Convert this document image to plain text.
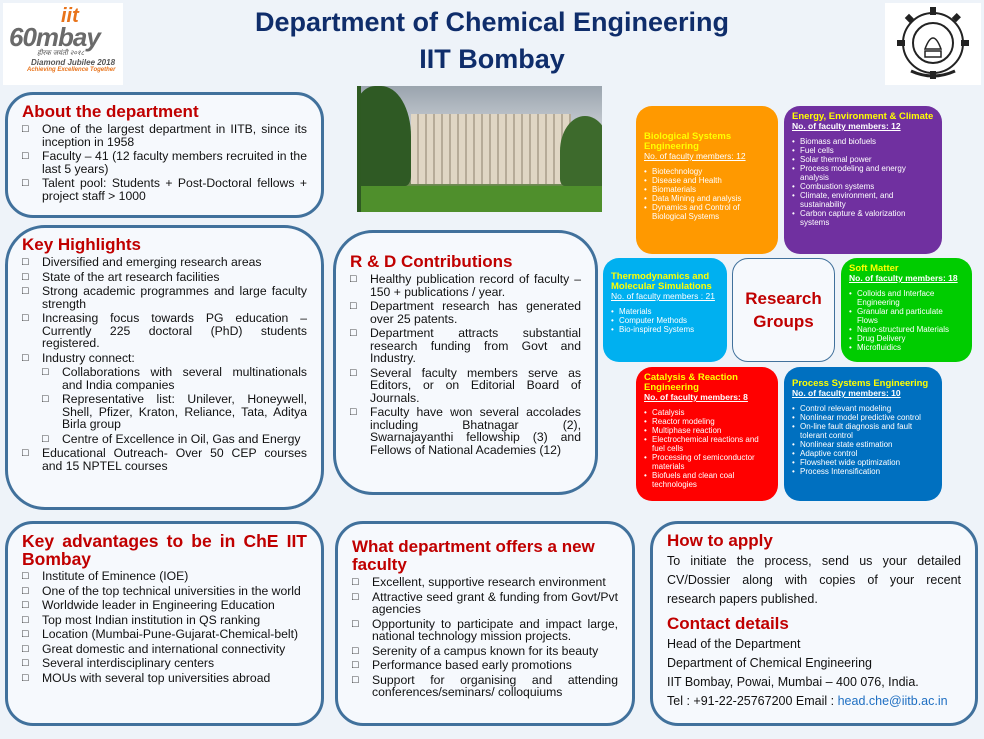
iit
60mbay
हीरक जयंती २०१८
Diamond Jubilee 2018
Achieving Excellence Together
Department of Chemical Engineering
IIT Bombay
About the department
□ One of the largest department in IITB, since its inception in 1958
□ Faculty – 41 (12 faculty members recruited in the last 5 years)
□ Talent pool: Students + Post-Doctoral fellows + project staff > 1000
Key Highlights
□ Diversified and emerging research areas
□ State of the art research facilities
□ Strong academic programmes and large faculty strength
□ Increasing focus towards PG education – Currently 225 doctoral (PhD) students registered.
□ Industry connect:
□ Collaborations with several multinationals and India companies
□ Representative list: Unilever, Honeywell, Shell, Pfizer, Kraton, Reliance, Tata, Aditya Birla group
□ Centre of Excellence in Oil, Gas and Energy
□ Educational Outreach- Over 50 CEP courses and 15 NPTEL courses
R & D Contributions
□ Healthy publication record of faculty – 150 + publications / year.
□ Department research has generated over 25 patents.
□ Department attracts substantial research funding from Govt and Industry.
□ Several faculty members serve as Editors, or on Editorial Board of Journals.
□ Faculty have won several accolades including Bhatnagar (2), Swarnajayanthi fellowship (3) and Fellows of National Academies (12)
Biological Systems Engineering
No. of faculty members: 12
• Biotechnology
• Disease and Health
• Biomaterials
• Data Mining and analysis
• Dynamics and Control of Biological Systems
Energy, Environment & Climate
No. of faculty members: 12
• Biomass and biofuels
• Fuel cells
• Solar thermal power
• Process modeling and energy analysis
• Combustion systems
• Climate, environment, and sustainability
• Carbon capture & valorization systems
Thermodynamics and Molecular Simulations
No. of faculty members : 21
• Materials
• Computer Methods
• Bio-inspired Systems
Research
Groups
Soft Matter
No. of faculty members: 18
• Colloids and Interface Engineering
• Granular and particulate Flows
• Nano-structured Materials
• Drug Delivery
• Microfluidics
Catalysis & Reaction Engineering
No. of faculty members: 8
• Catalysis
• Reactor modeling
• Multiphase reaction
• Electrochemical reactions and fuel cells
• Processing of semiconductor materials
• Biofuels and clean coal technologies
Process Systems Engineering
No. of faculty members: 10
• Control relevant modeling
• Nonlinear model predictive control
• On-line fault diagnosis and fault tolerant control
• Nonlinear state estimation
• Adaptive control
• Flowsheet wide optimization
• Process Intensification
Key advantages to be in ChE IIT Bombay
□ Institute of Eminence (IOE)
□ One of the top technical universities in the world
□ Worldwide leader in Engineering Education
□ Top most Indian institution in QS ranking
□ Location (Mumbai-Pune-Gujarat-Chemical-belt)
□ Great domestic and international connectivity
□ Several interdisciplinary centers
□ MOUs with several top universities abroad
What department offers a new faculty
□ Excellent, supportive research environment
□ Attractive seed grant & funding from Govt/Pvt agencies
□ Opportunity to participate and impact large, national technology mission projects.
□ Serenity of a campus known for its beauty
□ Performance based early promotions
□ Support for organising and attending conferences/seminars/ colloquiums
How to apply

To initiate the process, send us your detailed CV/Dossier along with copies of your recent research papers published.

Contact details

Head of the Department

Department of Chemical Engineering

IIT Bombay, Powai, Mumbai – 400 076, India.

Tel : +91-22-25767200 Email : head.che@iitb.ac.in
